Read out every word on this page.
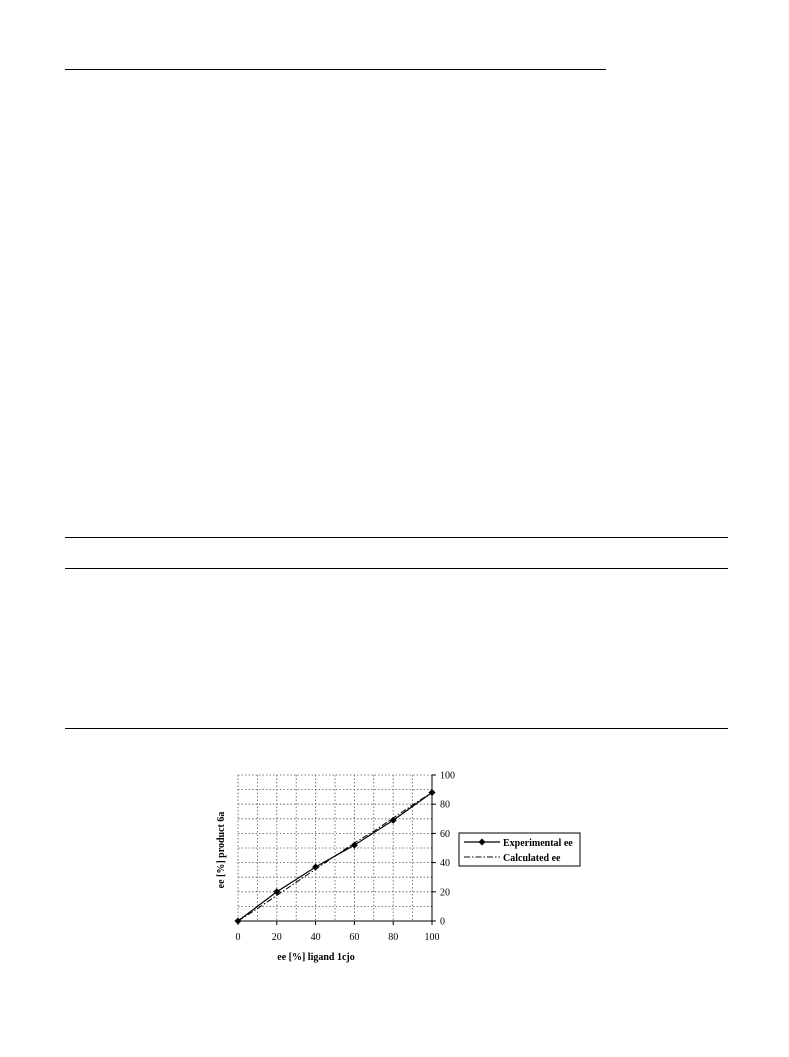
0	20	40	60	80	100
0
20
40
60
80
100
ee [%] ligand 1cjo
ee [%] product 6a	Experimental ee
Calculated ee
